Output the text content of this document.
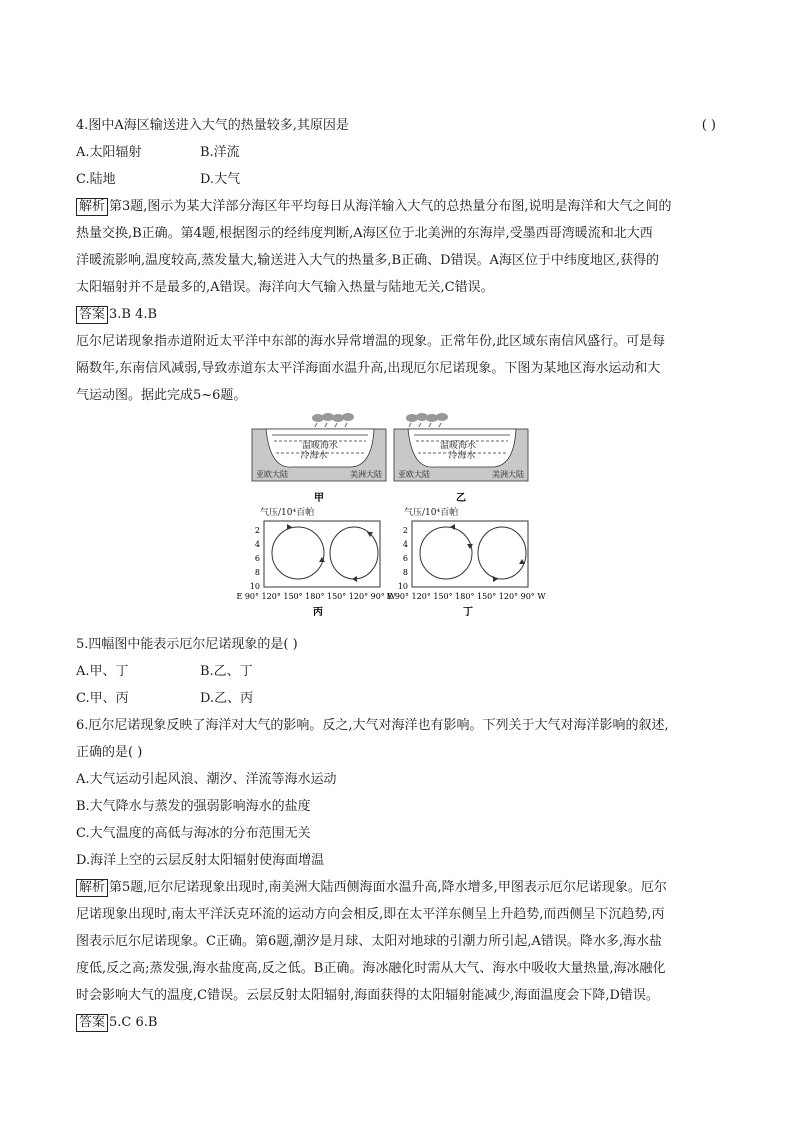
4.图中A海区输送进入大气的热量较多,其原因是	( )
A.太阳辐射	B.洋流
C.陆地	D.大气
解析 第3题,图示为某大洋部分海区年平均每日从海洋输入大气的总热量分布图,说明是海洋和大气之间的
热量交换,B正确。第4题,根据图示的经纬度判断,A海区位于北美洲的东海岸,受墨西哥湾暖流和北大西
洋暖流影响,温度较高,蒸发量大,输送进入大气的热量多,B正确、D错误。A海区位于中纬度地区,获得的
太阳辐射并不是最多的,A错误。海洋向大气输入热量与陆地无关,C错误。
答案 3.B 4.B
厄尔尼诺现象指赤道附近太平洋中东部的海水异常增温的现象。正常年份,此区域东南信风盛行。可是每
隔数年,东南信风减弱,导致赤道东太平洋海面水温升高,出现厄尔尼诺现象。下图为某地区海水运动和大
气运动图。据此完成5~6题。
温暖海水
冷海水
亚欧大陆	美洲大陆
温暖海水
冷海水
亚欧大陆	美洲大陆
甲	乙
气压/10⁴百帕
2
4
6
8
10
E 90° 120° 150° 180° 150° 120° 90° W
气压/10⁴百帕
2
4
6
8
10
E 90° 120° 150° 180° 150° 120° 90° W
丙	丁
5.四幅图中能表示厄尔尼诺现象的是( )
A.甲、丁	B.乙、丁
C.甲、丙	D.乙、丙
6.厄尔尼诺现象反映了海洋对大气的影响。反之,大气对海洋也有影响。下列关于大气对海洋影响的叙述,
正确的是( )
A.大气运动引起风浪、潮汐、洋流等海水运动
B.大气降水与蒸发的强弱影响海水的盐度
C.大气温度的高低与海冰的分布范围无关
D.海洋上空的云层反射太阳辐射使海面增温
解析 第5题,厄尔尼诺现象出现时,南美洲大陆西侧海面水温升高,降水增多,甲图表示厄尔尼诺现象。厄尔
尼诺现象出现时,南太平洋沃克环流的运动方向会相反,即在太平洋东侧呈上升趋势,而西侧呈下沉趋势,丙
图表示厄尔尼诺现象。C正确。第6题,潮汐是月球、太阳对地球的引潮力所引起,A错误。降水多,海水盐
度低,反之高;蒸发强,海水盐度高,反之低。B正确。海冰融化时需从大气、海水中吸收大量热量,海冰融化
时会影响大气的温度,C错误。云层反射太阳辐射,海面获得的太阳辐射能减少,海面温度会下降,D错误。
答案 5.C 6.B
